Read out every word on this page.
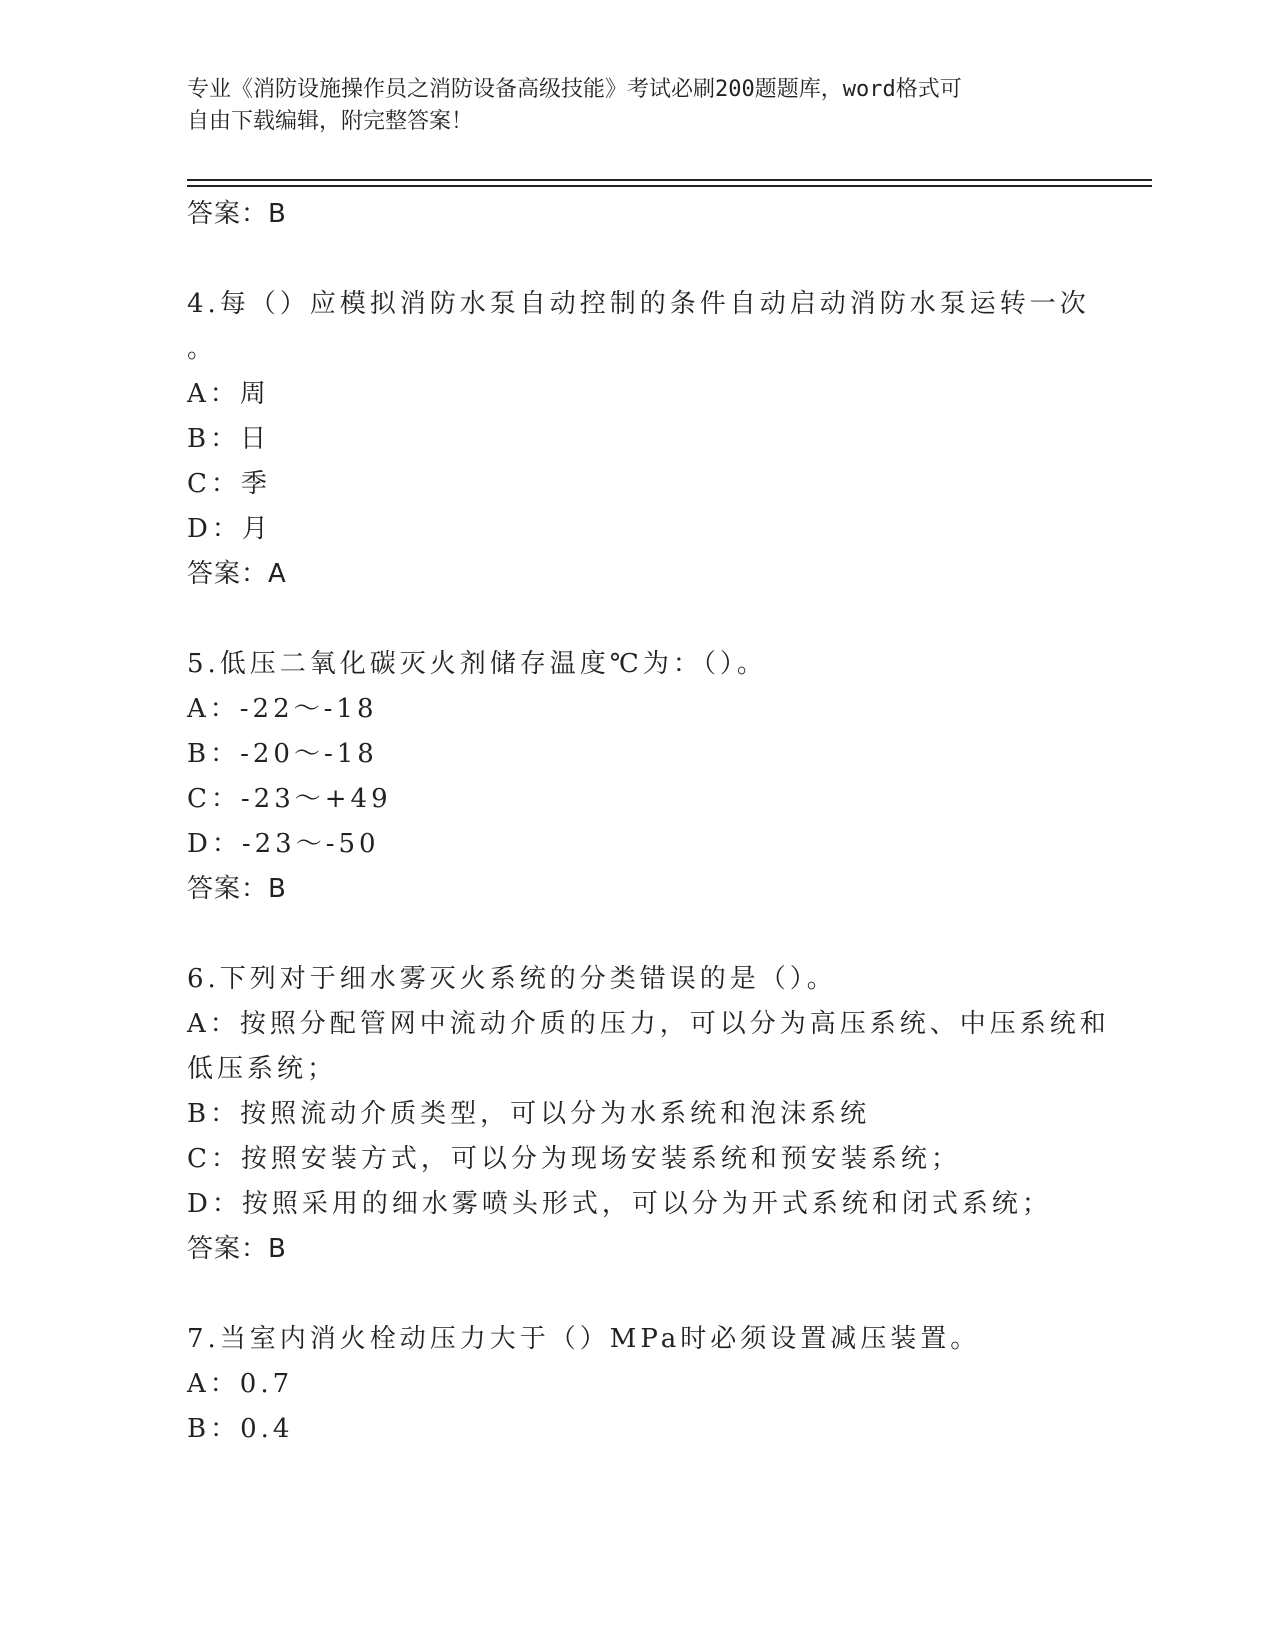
专业《消防设施操作员之消防设备高级技能》考试必刷200题题库，word格式可
自由下载编辑，附完整答案！
答案：B
4.每（）应模拟消防水泵自动控制的条件自动启动消防水泵运转一次
。
A：周
B：日
C：季
D：月
答案：A
5.低压二氧化碳灭火剂储存温度℃为：（）。
A：-22～-18
B：-20～-18
C：-23～+49
D：-23～-50
答案：B
6.下列对于细水雾灭火系统的分类错误的是（）。
A：按照分配管网中流动介质的压力，可以分为高压系统、中压系统和
低压系统；
B：按照流动介质类型，可以分为水系统和泡沫系统
C：按照安装方式，可以分为现场安装系统和预安装系统；
D：按照采用的细水雾喷头形式，可以分为开式系统和闭式系统；
答案：B
7.当室内消火栓动压力大于（）MPa时必须设置减压装置。
A：0.7
B：0.4
